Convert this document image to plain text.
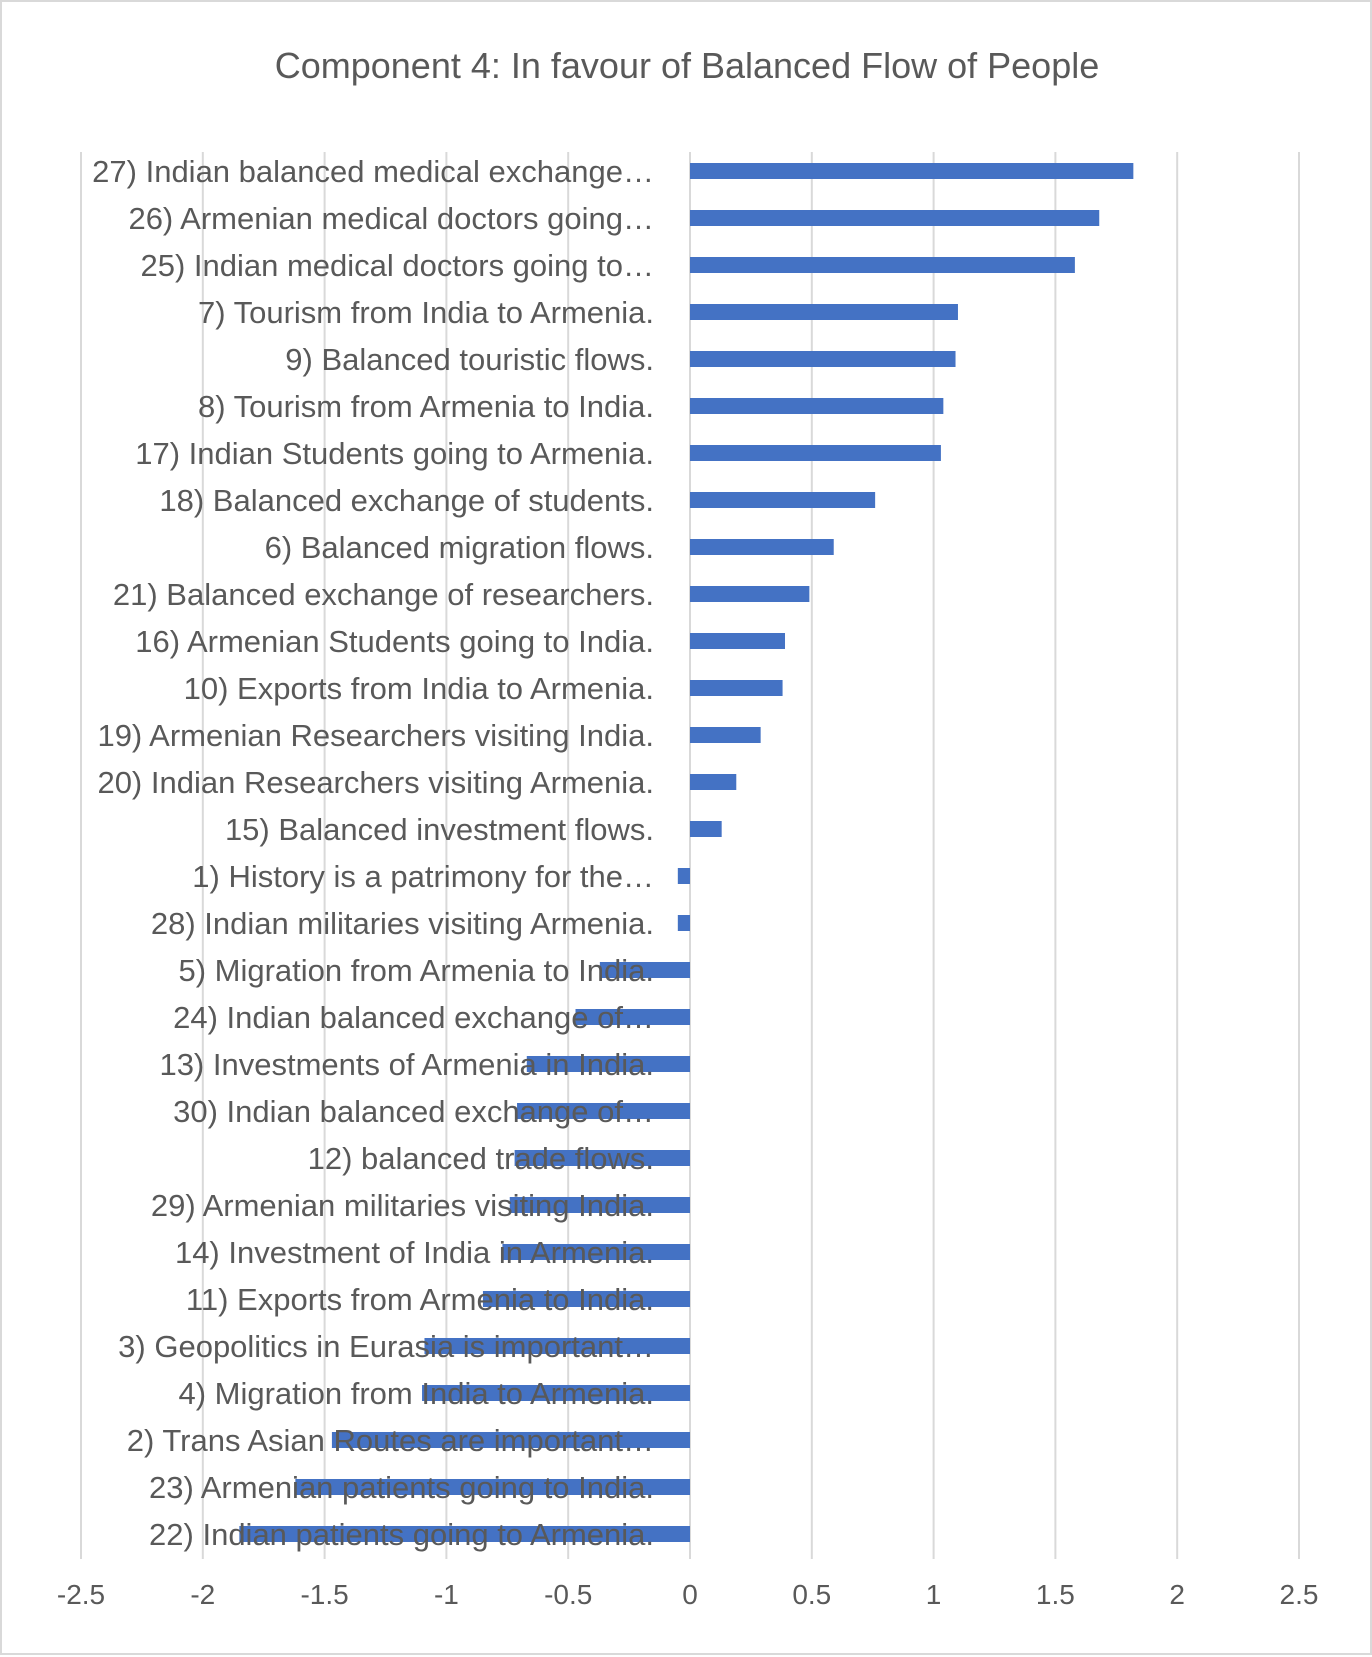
Component 4: In favour of Balanced Flow of People
27) Indian balanced medical exchange…
26) Armenian medical doctors going…
25) Indian medical doctors going to…
7) Tourism from India to Armenia.
9) Balanced touristic flows.
8) Tourism from Armenia to India.
17) Indian Students going to Armenia.
18) Balanced exchange of students.
6) Balanced migration flows.
21) Balanced exchange of researchers.
16) Armenian Students going to India.
10) Exports from India to Armenia.
19) Armenian Researchers visiting India.
20) Indian Researchers visiting Armenia.
15) Balanced investment flows.
1) History is a patrimony for the…
28) Indian militaries visiting Armenia.
5) Migration from Armenia to India.
24) Indian balanced exchange of…
13) Investments of Armenia in India.
30) Indian balanced exchange of…
12) balanced trade flows.
29) Armenian militaries visiting India.
14) Investment of India in Armenia.
11) Exports from Armenia to India.
3) Geopolitics in Eurasia is important…
4) Migration from India to Armenia.
2) Trans Asian Routes are important…
23) Armenian patients going to India.
22) Indian patients going to Armenia.
-2.5	-2	-1.5	-1	-0.5	0	0.5	1	1.5	2	2.5
